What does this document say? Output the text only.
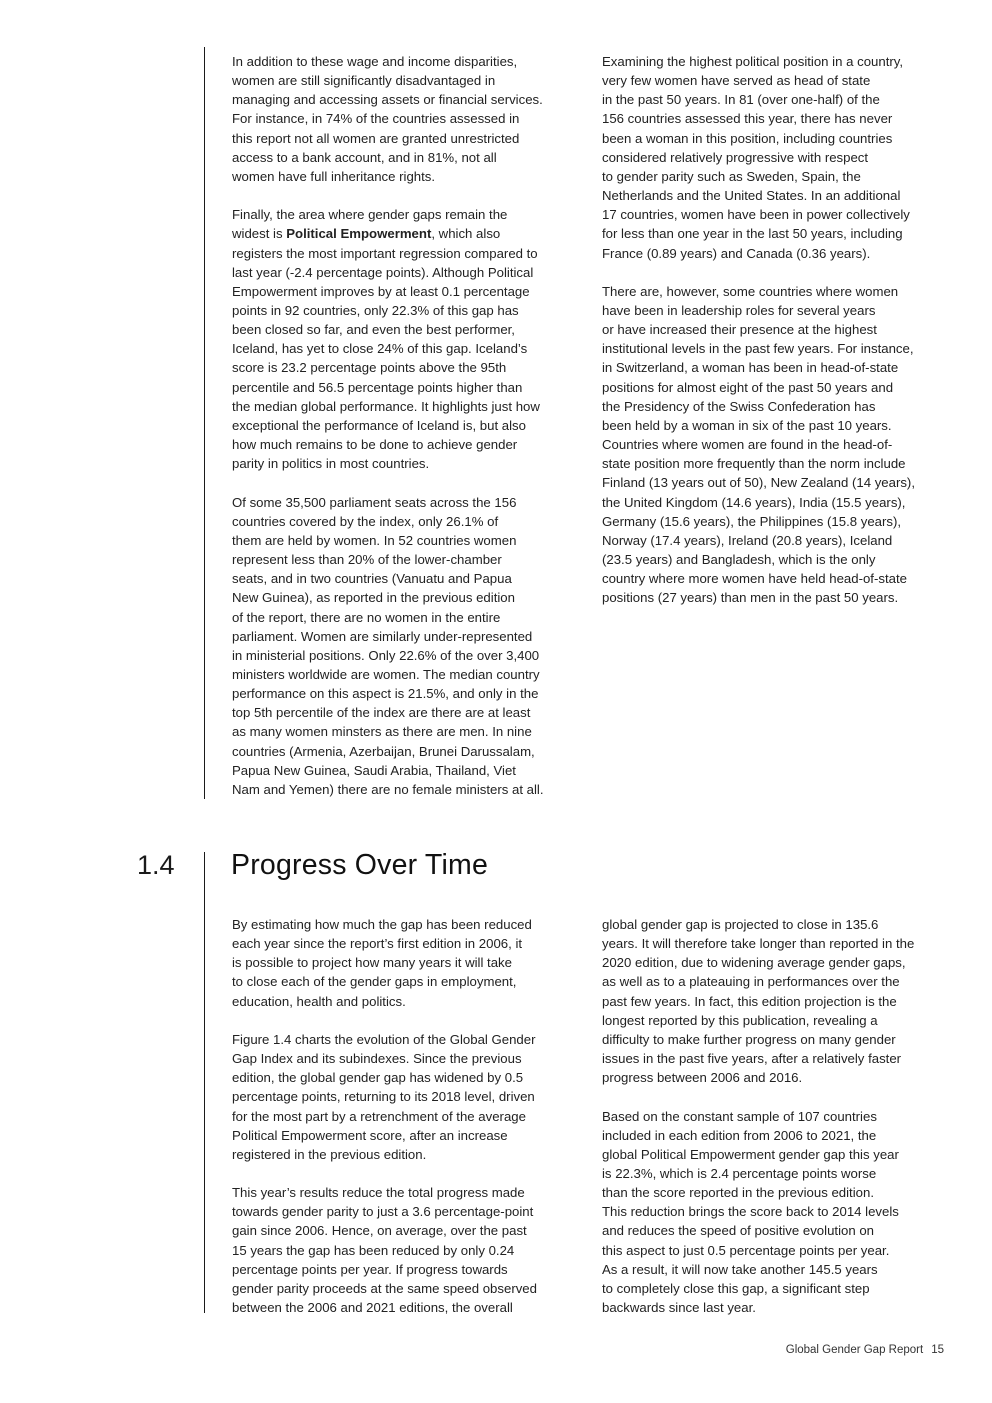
In addition to these wage and income disparities,
women are still significantly disadvantaged in
managing and accessing assets or financial services.
For instance, in 74% of the countries assessed in
this report not all women are granted unrestricted
access to a bank account, and in 81%, not all
women have full inheritance rights.

Finally, the area where gender gaps remain the
widest is Political Empowerment, which also
registers the most important regression compared to
last year (-2.4 percentage points). Although Political
Empowerment improves by at least 0.1 percentage
points in 92 countries, only 22.3% of this gap has
been closed so far, and even the best performer,
Iceland, has yet to close 24% of this gap. Iceland’s
score is 23.2 percentage points above the 95th
percentile and 56.5 percentage points higher than
the median global performance. It highlights just how
exceptional the performance of Iceland is, but also
how much remains to be done to achieve gender
parity in politics in most countries.

Of some 35,500 parliament seats across the 156
countries covered by the index, only 26.1% of
them are held by women. In 52 countries women
represent less than 20% of the lower-chamber
seats, and in two countries (Vanuatu and Papua
New Guinea), as reported in the previous edition
of the report, there are no women in the entire
parliament. Women are similarly under-represented
in ministerial positions. Only 22.6% of the over 3,400
ministers worldwide are women. The median country
performance on this aspect is 21.5%, and only in the
top 5th percentile of the index are there are at least
as many women minsters as there are men. In nine
countries (Armenia, Azerbaijan, Brunei Darussalam,
Papua New Guinea, Saudi Arabia, Thailand, Viet
Nam and Yemen) there are no female ministers at all.

Examining the highest political position in a country,
very few women have served as head of state
in the past 50 years. In 81 (over one-half) of the
156 countries assessed this year, there has never
been a woman in this position, including countries
considered relatively progressive with respect
to gender parity such as Sweden, Spain, the
Netherlands and the United States. In an additional
17 countries, women have been in power collectively
for less than one year in the last 50 years, including
France (0.89 years) and Canada (0.36 years).

There are, however, some countries where women
have been in leadership roles for several years
or have increased their presence at the highest
institutional levels in the past few years. For instance,
in Switzerland, a woman has been in head-of-state
positions for almost eight of the past 50 years and
the Presidency of the Swiss Confederation has
been held by a woman in six of the past 10 years.
Countries where women are found in the head-of-
state position more frequently than the norm include
Finland (13 years out of 50), New Zealand (14 years),
the United Kingdom (14.6 years), India (15.5 years),
Germany (15.6 years), the Philippines (15.8 years),
Norway (17.4 years), Ireland (20.8 years), Iceland
(23.5 years) and Bangladesh, which is the only
country where more women have held head-of-state
positions (27 years) than men in the past 50 years.

1.4 Progress Over Time

By estimating how much the gap has been reduced
each year since the report’s first edition in 2006, it
is possible to project how many years it will take
to close each of the gender gaps in employment,
education, health and politics.

Figure 1.4 charts the evolution of the Global Gender
Gap Index and its subindexes. Since the previous
edition, the global gender gap has widened by 0.5
percentage points, returning to its 2018 level, driven
for the most part by a retrenchment of the average
Political Empowerment score, after an increase
registered in the previous edition.

This year’s results reduce the total progress made
towards gender parity to just a 3.6 percentage-point
gain since 2006. Hence, on average, over the past
15 years the gap has been reduced by only 0.24
percentage points per year. If progress towards
gender parity proceeds at the same speed observed
between the 2006 and 2021 editions, the overall

global gender gap is projected to close in 135.6
years. It will therefore take longer than reported in the
2020 edition, due to widening average gender gaps,
as well as to a plateauing in performances over the
past few years. In fact, this edition projection is the
longest reported by this publication, revealing a
difficulty to make further progress on many gender
issues in the past five years, after a relatively faster
progress between 2006 and 2016.

Based on the constant sample of 107 countries
included in each edition from 2006 to 2021, the
global Political Empowerment gender gap this year
is 22.3%, which is 2.4 percentage points worse
than the score reported in the previous edition.
This reduction brings the score back to 2014 levels
and reduces the speed of positive evolution on
this aspect to just 0.5 percentage points per year.
As a result, it will now take another 145.5 years
to completely close this gap, a significant step
backwards since last year.

Global Gender Gap Report 15
